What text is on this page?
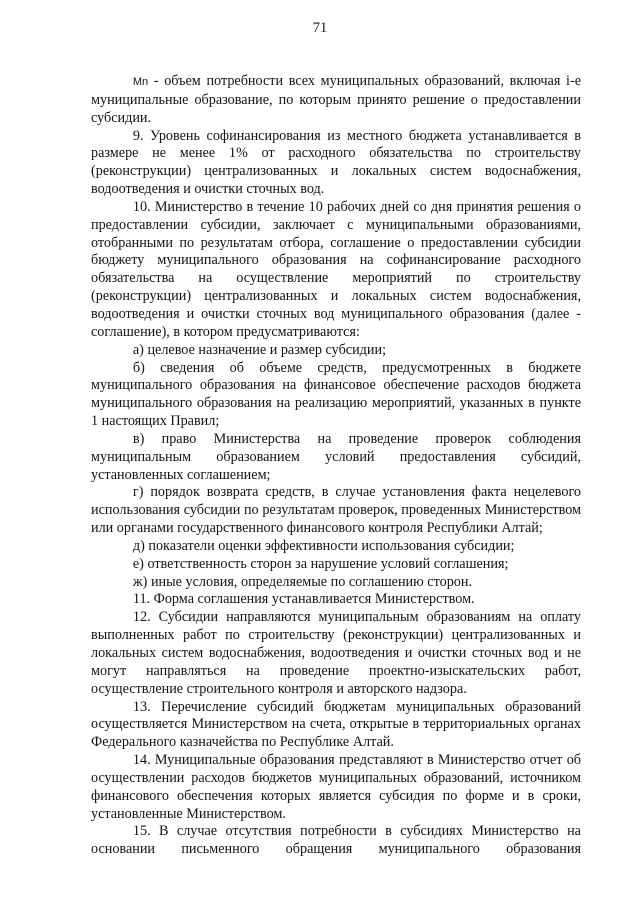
71

Mn - объем потребности всех муниципальных образований, включая i-е муниципальные образование, по которым принято решение о предоставлении субсидии.

9. Уровень софинансирования из местного бюджета устанавливается в размере не менее 1% от расходного обязательства по строительству (реконструкции) централизованных и локальных систем водоснабжения, водоотведения и очистки сточных вод.

10. Министерство в течение 10 рабочих дней со дня принятия решения о предоставлении субсидии, заключает с муниципальными образованиями, отобранными по результатам отбора, соглашение о предоставлении субсидии бюджету муниципального образования на софинансирование расходного обязательства на осуществление мероприятий по строительству (реконструкции) централизованных и локальных систем водоснабжения, водоотведения и очистки сточных вод муниципального образования (далее - соглашение), в котором предусматриваются:

а) целевое назначение и размер субсидии;

б) сведения об объеме средств, предусмотренных в бюджете муниципального образования на финансовое обеспечение расходов бюджета муниципального образования на реализацию мероприятий, указанных в пункте 1 настоящих Правил;

в) право Министерства на проведение проверок соблюдения муниципальным образованием условий предоставления субсидий, установленных соглашением;

г) порядок возврата средств, в случае установления факта нецелевого использования субсидии по результатам проверок, проведенных Министерством или органами государственного финансового контроля Республики Алтай;

д) показатели оценки эффективности использования субсидии;

е) ответственность сторон за нарушение условий соглашения;

ж) иные условия, определяемые по соглашению сторон.

11. Форма соглашения устанавливается Министерством.

12. Субсидии направляются муниципальным образованиям на оплату выполненных работ по строительству (реконструкции) централизованных и локальных систем водоснабжения, водоотведения и очистки сточных вод и не могут направляться на проведение проектно-изыскательских работ, осуществление строительного контроля и авторского надзора.

13. Перечисление субсидий бюджетам муниципальных образований осуществляется Министерством на счета, открытые в территориальных органах Федерального казначейства по Республике Алтай.

14. Муниципальные образования представляют в Министерство отчет об осуществлении расходов бюджетов муниципальных образований, источником финансового обеспечения которых является субсидия по форме и в сроки, установленные Министерством.

15. В случае отсутствия потребности в субсидиях Министерство на основании письменного обращения муниципального образования
